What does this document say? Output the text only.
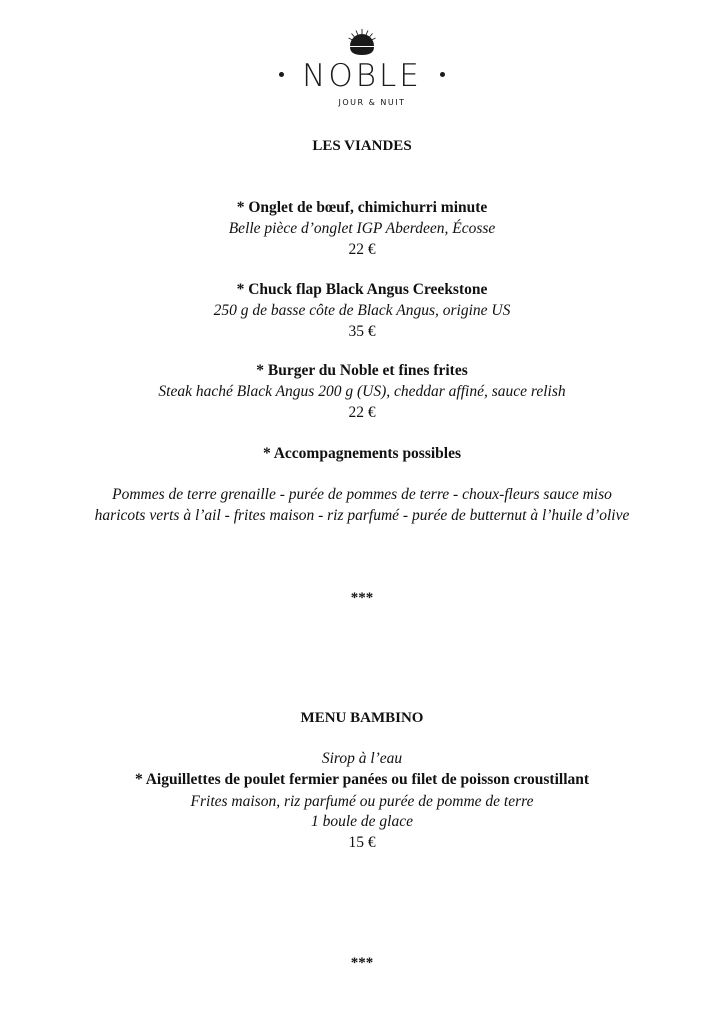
NOBLE
JOUR & NUIT
LES VIANDES
* Onglet de bœuf, chimichurri minute
Belle pièce d’onglet IGP Aberdeen, Écosse
22 €
* Chuck flap Black Angus Creekstone
250 g de basse côte de Black Angus, origine US
35 €
* Burger du Noble et fines frites
Steak haché Black Angus 200 g (US), cheddar affiné, sauce relish
22 €
* Accompagnements possibles
Pommes de terre grenaille - purée de pommes de terre - choux-fleurs sauce miso
haricots verts à l’ail - frites maison - riz parfumé - purée de butternut à l’huile d’olive
***
MENU BAMBINO
Sirop à l’eau
* Aiguillettes de poulet fermier panées ou filet de poisson croustillant
Frites maison, riz parfumé ou purée de pomme de terre
1 boule de glace
15 €
***
